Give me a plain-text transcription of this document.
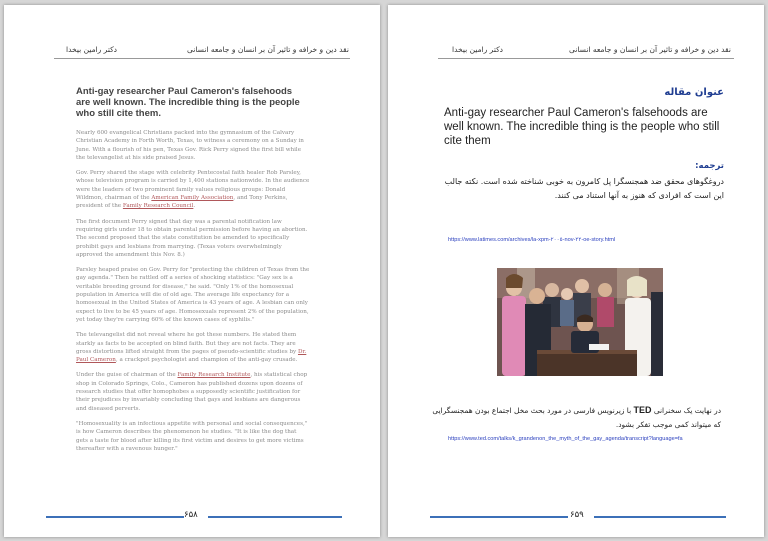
نقد دین و خرافه و تاثیر آن بر انسان و جامعه انسانی
دکتر رامین بیخدا
Anti-gay researcher Paul Cameron's falsehoods are well known. The incredible thing is the people who still cite them.

Nearly 600 evangelical Christians packed into the gymnasium of the Calvary Christian Academy in Forth Worth, Texas, to witness a ceremony on a Sunday in June. With a flourish of his pen, Texas Gov. Rick Perry signed the first bill while the televangelist at his side praised Jesus.

Gov. Perry shared the stage with celebrity Pentecostal faith healer Rob Parsley, whose television program is carried by 1,400 stations nationwide. In the audience were the leaders of two prominent family values religious groups: Donald Wildmon, chairman of the American Family Association, and Tony Perkins, president of the Family Research Council.

The first document Perry signed that day was a parental notification law requiring girls under 18 to obtain parental permission before having an abortion. The second proposed that the state constitution be amended to specifically prohibit gays and lesbians from marrying. (Texas voters overwhelmingly approved the amendment this Nov. 8.)

Parsley heaped praise on Gov. Perry for "protecting the children of Texas from the gay agenda." Then he rattled off a series of shocking statistics: "Gay sex is a veritable breeding ground for disease," he said. "Only 1% of the homosexual population in America will die of old age. The average life expectancy for a homosexual in the United States of America is 43 years of age. A lesbian can only expect to live to be 45 years of age. Homosexuals represent 2% of the population, yet today they're carrying 60% of the known cases of syphilis."

The televangelist did not reveal where he got these numbers. He stated them starkly as facts to be accepted on blind faith. But they are not facts. They are gross distortions lifted straight from the pages of pseudo-scientific studies by Dr. Paul Cameron, a crackpot psychologist and champion of the anti-gay crusade.

Under the guise of chairman of the Family Research Institute, his statistical chop shop in Colorado Springs, Colo., Cameron has published dozens upon dozens of research studies that offer homophobes a supposedly scientific justification for their prejudices by invariably concluding that gays and lesbians are dangerous and diseased perverts.

"Homosexuality is an infectious appetite with personal and social consequences," is how Cameron describes the phenomenon he studies. "It is like the dog that gets a taste for blood after killing its first victim and desires to get more victims thereafter with a ravenous hunger."

۶۵۸
نقد دین و خرافه و تاثیر آن بر انسان و جامعه انسانی
دکتر رامین بیخدا
عنوان مقاله
Anti-gay researcher Paul Cameron's falsehoods are well known. The incredible thing is the people who still cite them
ترجمه:
دروغگوهای محقق ضد همجنسگرا پل کامرون به خوبی شناخته شده است. نکته جالب این است که افرادی که هنوز به آنها استناد می کنند.
https://www.latimes.com/archives/la-xpm-٢٠٠٥-nov-٢٢-oe-story.html
در نهایت یک سخنرانی TED با زیرنویس فارسی در مورد بحث مخل اجتماع بودن همجنسگرایی که میتواند کمی موجب تفکر بشود.
https://www.ted.com/talks/k_grandenon_the_myth_of_the_gay_agenda/transcript?language=fa
۶۵۹
